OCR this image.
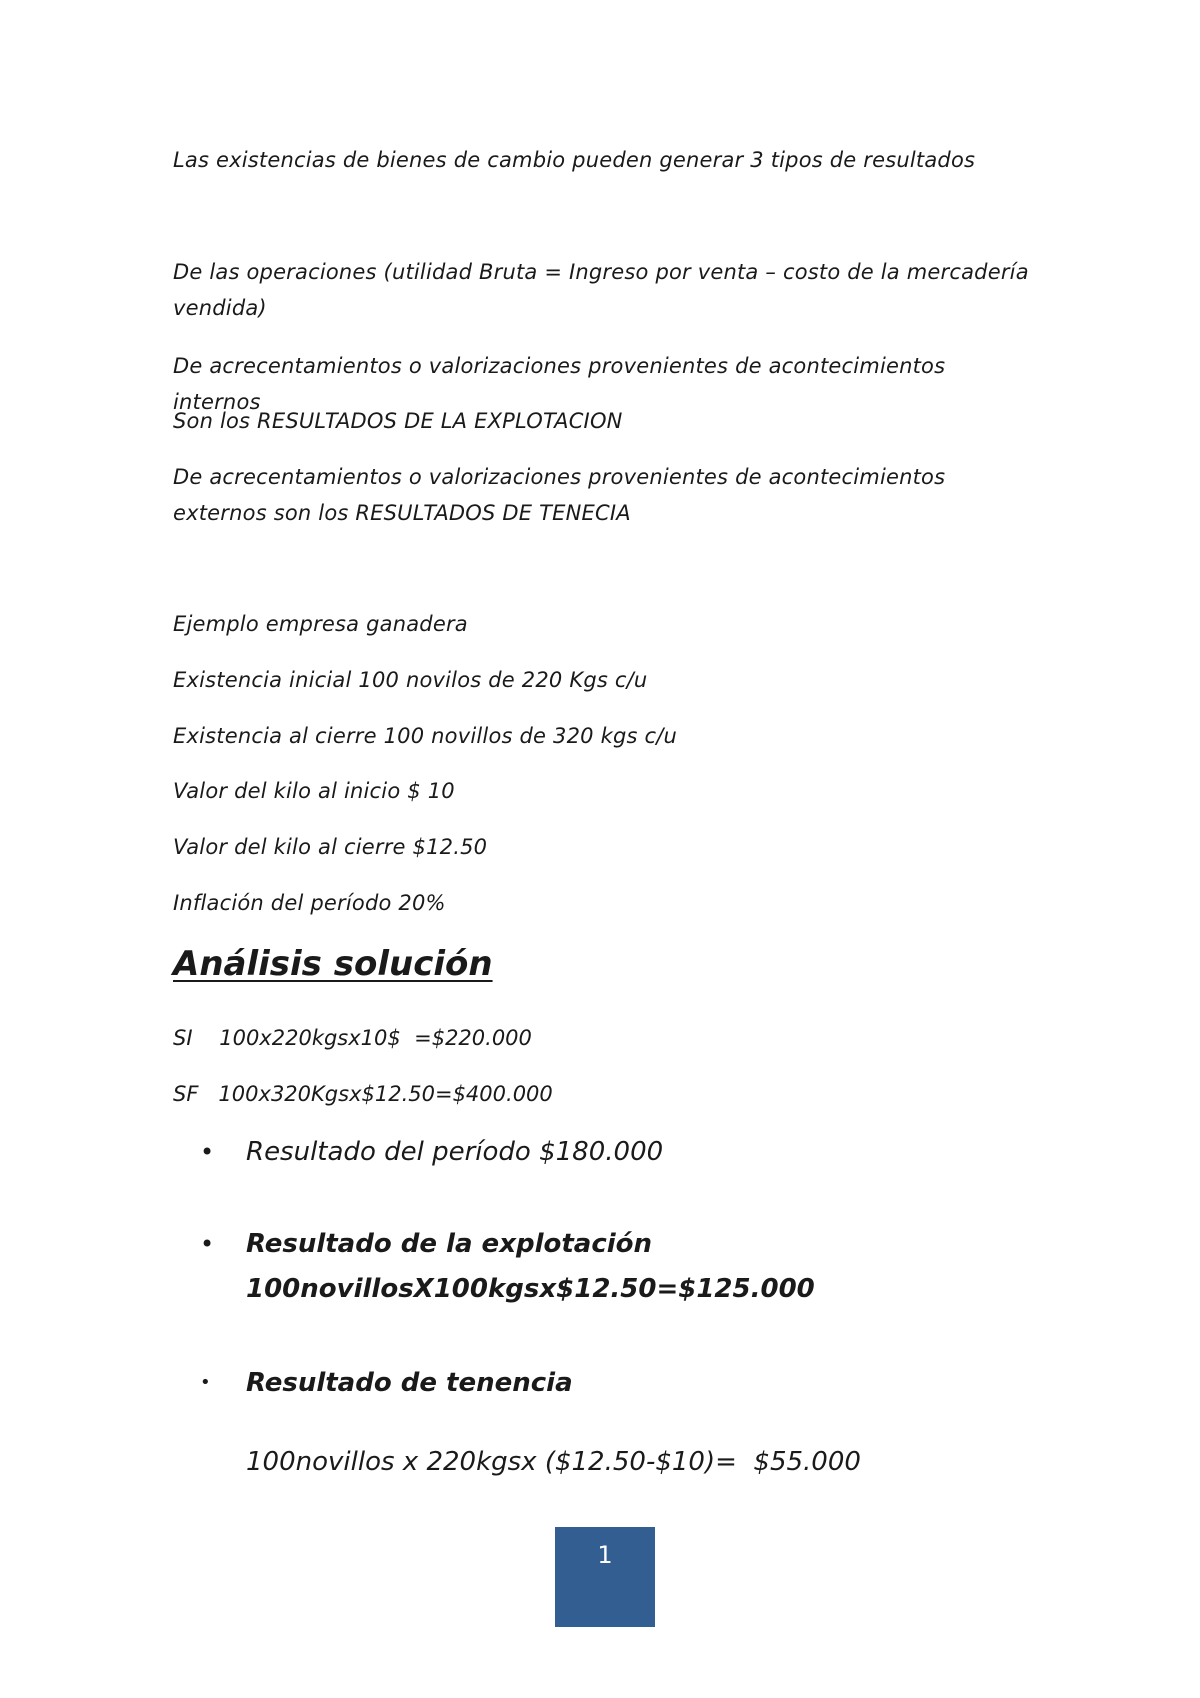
Las existencias de bienes de cambio pueden generar 3 tipos de resultados

De las operaciones (utilidad Bruta = Ingreso por venta – costo de la mercadería vendida)

De acrecentamientos o valorizaciones provenientes de acontecimientos internos

Son los RESULTADOS DE LA EXPLOTACION

De acrecentamientos o valorizaciones provenientes de acontecimientos externos son los RESULTADOS DE TENECIA

Ejemplo empresa ganadera

Existencia inicial 100 novilos de 220 Kgs c/u

Existencia al cierre 100 novillos de 320 kgs c/u

Valor del kilo al inicio $ 10

Valor del kilo al cierre $12.50

Inflación del período 20%

Análisis solución

SI    100x220kgsx10$  =$220.000

SF   100x320Kgsx$12.50=$400.000

• Resultado del período $180.000
• Resultado de la explotación
100novillosX100kgsx$12.50=$125.000
• Resultado de tenencia
100novillos x 220kgsx ($12.50-$10)=  $55.000
1
